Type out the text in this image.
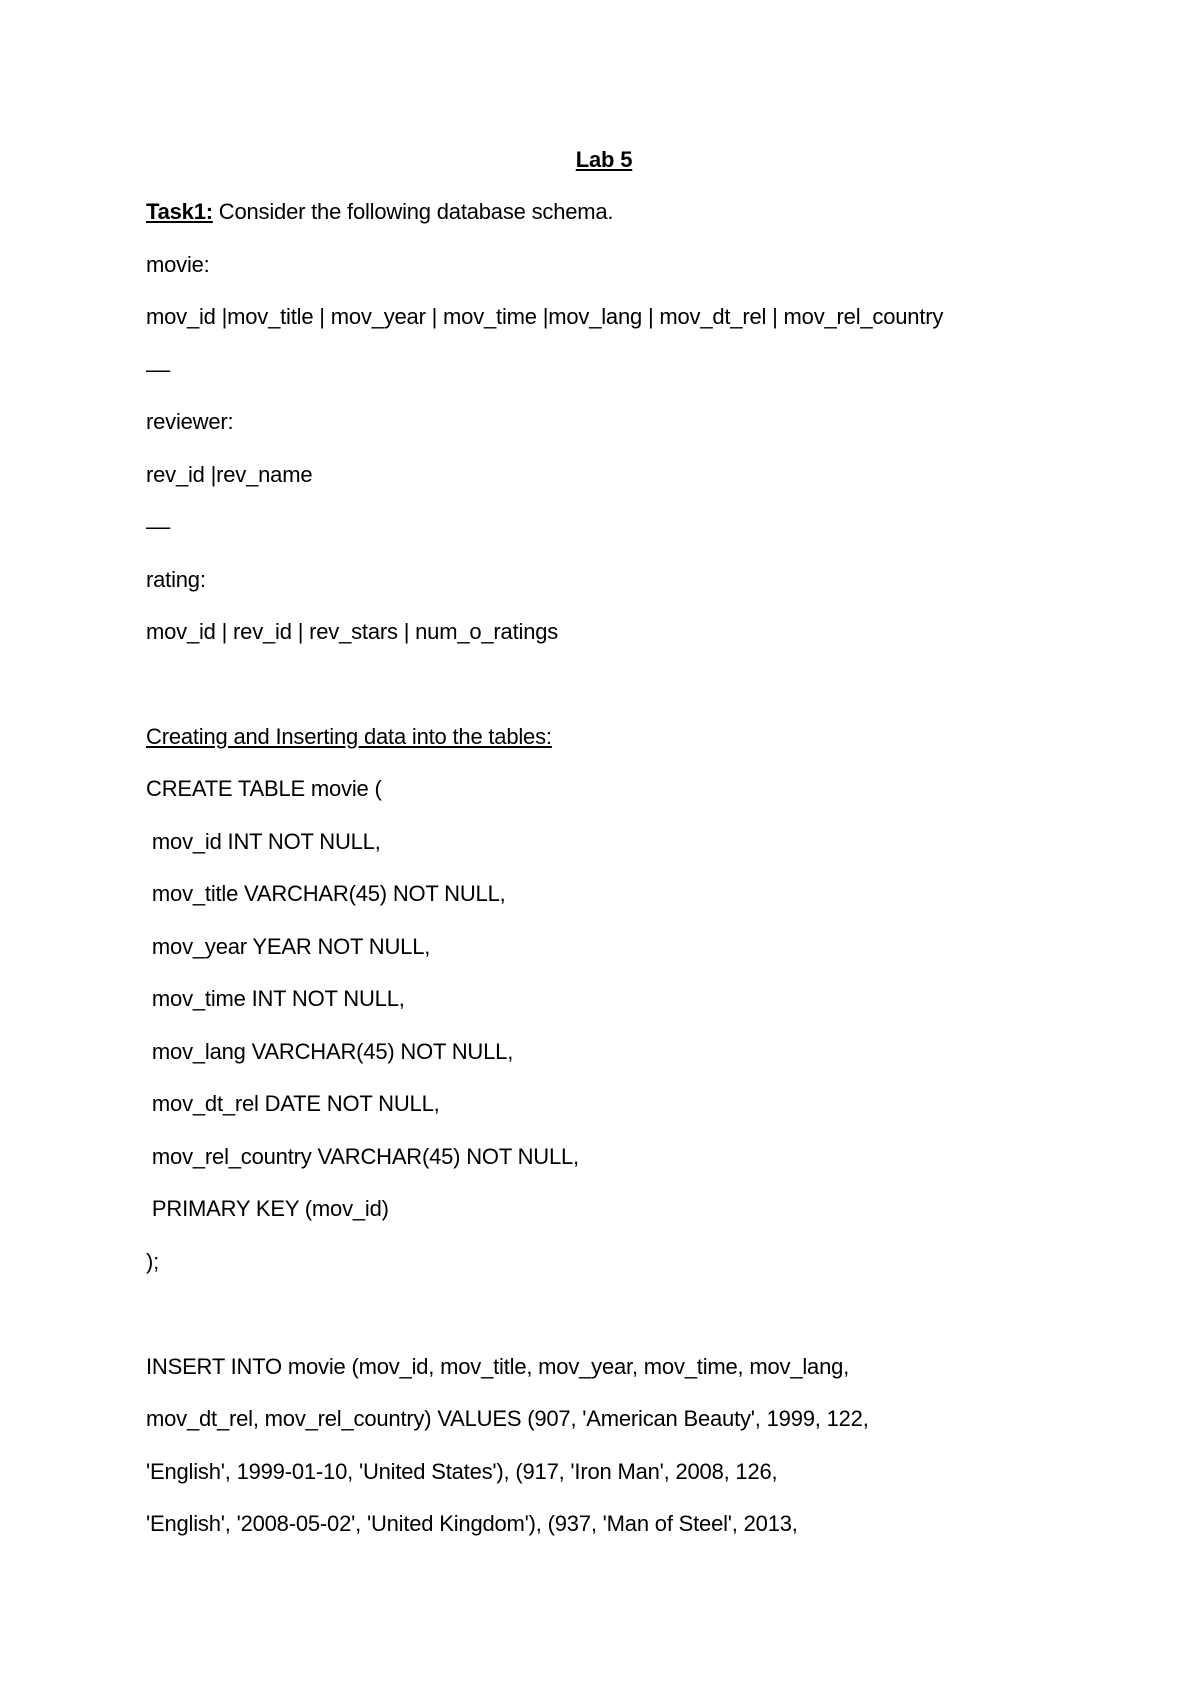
Lab 5
Task1: Consider the following database schema.
movie:
mov_id |mov_title | mov_year | mov_time |mov_lang | mov_dt_rel | mov_rel_country
––
reviewer:
rev_id |rev_name
––
rating:
mov_id | rev_id | rev_stars | num_o_ratings
Creating and Inserting data into the tables:
CREATE TABLE movie (
mov_id INT NOT NULL,
mov_title VARCHAR(45) NOT NULL,
mov_year YEAR NOT NULL,
mov_time INT NOT NULL,
mov_lang VARCHAR(45) NOT NULL,
mov_dt_rel DATE NOT NULL,
mov_rel_country VARCHAR(45) NOT NULL,
PRIMARY KEY (mov_id)
);
INSERT INTO movie (mov_id, mov_title, mov_year, mov_time, mov_lang,
mov_dt_rel, mov_rel_country) VALUES (907, 'American Beauty', 1999, 122,
'English', 1999-01-10, 'United States'), (917, 'Iron Man', 2008, 126,
'English', '2008-05-02', 'United Kingdom'), (937, 'Man of Steel', 2013,
